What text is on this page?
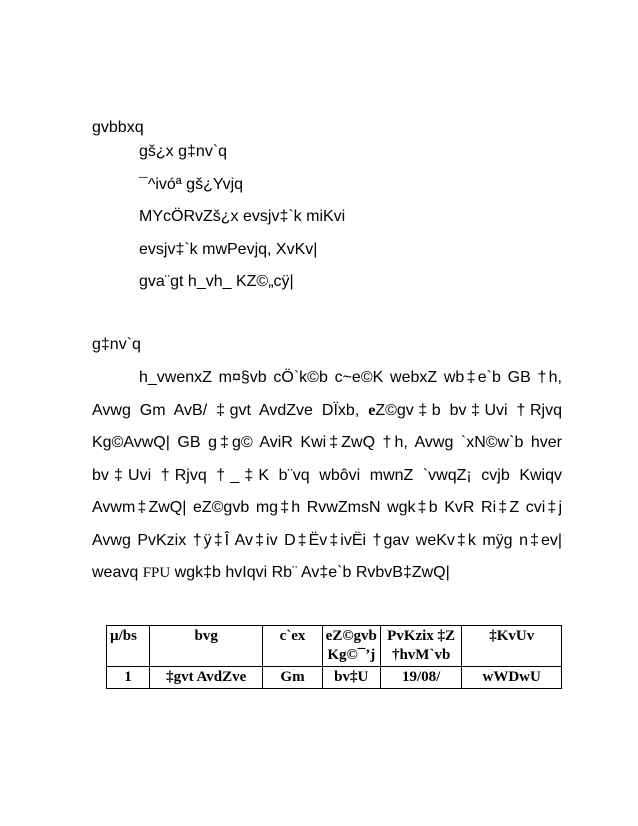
gvbbxq
gš¿x g‡nv`q
¯^ivóª gš¿Yvjq
MYcÖRvZš¿x evsjv‡`k miKvi
evsjv‡`k mwPevjq, XvKv|
gva¨gt h_vh_ KZ©„cÿ|
g‡nv`q

h_vwenxZ m¤§vb cÖ`k©b c~e©K webxZ wb‡e`b GB †h, Avwg Gm AvB/ ‡gvt AvdZve DÏxb, eZ©gv‡b bv‡Uvi †Rjvq Kg©AvwQ| GB g‡g© AviR Kwi‡ZwQ †h, Avwg `xN©w`b hver bv‡Uvi †Rjvq †_‡K b¨vq wbôvi mwnZ `vwqZ¡ cvjb Kwiqv Avwm‡ZwQ| eZ©gvb mg‡h RvwZmsN wgk‡b KvR Ri‡Z cvi‡j Avwg PvKzix †ÿ‡Î Av‡iv D‡Ëv‡ivËi †gav weKv‡k mÿg n‡ev| weavq FPU wgk‡b hvIqvi Rb¨ Av‡e`b RvbvB‡ZwQ|

µ/bs	bvg	c`ex	eZ©gvb Kg©¯’j	PvKzix ‡Z †hvM`vb	‡KvUv
1	‡gvt AvdZve	Gm	bv‡U	19/08/	wWDwU
